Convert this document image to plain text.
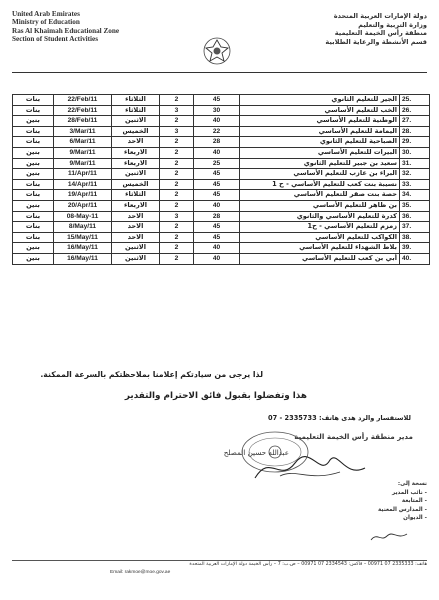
United Arab Emirates
Ministry of Education
Ras Al Khaimah Educational Zone
Section of Student Activities
دولة الإمارات العربية المتحدة
وزارة التربية والتعليم
منطقة رأس الخيمة التعليمية
قسم الأنشطة والرعاية الطلابية
25.	الجير للتعليم الثانوي	45	2	الثلاثاء	22/Feb/11	بنات
26.	الخب للتعليم الأساسي	30	3	الثلاثاء	22/Feb/11	بنات
27.	الوطنية للتعليم الأساسي	40	2	الاثنين	28/Feb/11	بنين
28.	اليمامة للتعليم الأساسي	22	3	الخميس	3/Mar/11	بنات
29.	الصباحية للتعليم الثانوي	28	2	الاحد	6/Mar/11	بنات
30.	البيرات للتعليم الأساسي	40	2	الاربعاء	9/Mar/11	بنين
31.	سعيد بن جبير للتعليم الثانوي	25	2	الاربعاء	9/Mar/11	بنين
32.	البراء بن عازب للتعليم الأساسي	45	2	الاثنين	11/Apr/11	بنين
33.	نسيبة بنت كعب للتعليم الأساسي - ح 1	45	2	الخميس	14/Apr/11	بنات
34.	حصة بنت صقر للتعليم الأساسي	45	2	الثلاثاء	19/Apr/11	بنات
35.	بن ظاهر للتعليم الأساسي	40	2	الاربعاء	20/Apr/11	بنين
36.	كدرة للتعليم الأساسي والثانوي	28	3	الاحد	08-May-11	بنات
37.	زمزم للتعليم الأساسي - ح1	45	2	الاحد	8/May/11	بنات
38.	الكواكب للتعليم الأساسي	45	2	الاحد	15/May/11	بنات
39.	بلاط الشهداء للتعليم الأساسي	40	2	الاثنين	16/May/11	بنين
40.	أبي بن كعب للتعليم الأساسي	40	2	الاثنين	16/May/11	بنين
لذا يرجى من سيادتكم إعلامنا بملاحظتكم بالسرعة الممكنة.
هذا وتفضلوا بقبول فائق الاحترام والتقدير
للاستفسار والرد هدى هاتف: 2335733 - 07
مدير منطقة رأس الخيمة التعليمية
عبدالله حسين المصلح
نسخة إلى:
- نائب المدير
- المتابعة
- المدارس المعنية
- الديوان
هاتف: 2335333 07 00971 – فاكس: 2334543 07 00971 – ص.ب: 7 – رأس الخيمة دولة الإمارات العربية المتحدة
Email: rakmoe@moe.gov.ae
